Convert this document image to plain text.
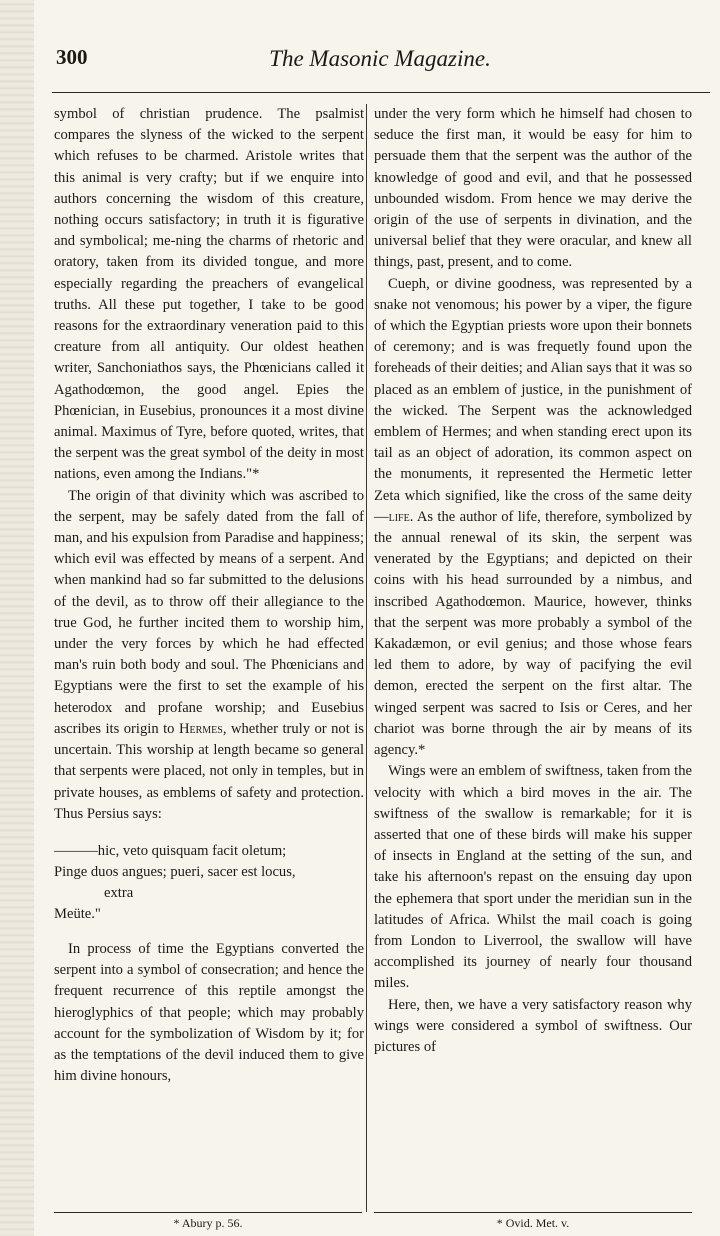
300	The Masonic Magazine.

symbol of christian prudence. The psalmist compares the slyness of the wicked to the serpent which refuses to be charmed. Aristole writes that this animal is very crafty; but if we enquire into authors concerning the wisdom of this creature, nothing occurs satisfactory; in truth it is figurative and symbolical; me-ning the charms of rhetoric and oratory, taken from its divided tongue, and more especially regarding the preachers of evangelical truths. All these put together, I take to be good reasons for the extraordinary veneration paid to this creature from all antiquity. Our oldest heathen writer, Sanchoniathos says, the Phœnicians called it Agathodœmon, the good angel. Epies the Phœnician, in Eusebius, pronounces it a most divine animal. Maximus of Tyre, before quoted, writes, that the serpent was the great symbol of the deity in most nations, even among the Indians."*

The origin of that divinity which was ascribed to the serpent, may be safely dated from the fall of man, and his expulsion from Paradise and happiness; which evil was effected by means of a serpent. And when mankind had so far submitted to the delusions of the devil, as to throw off their allegiance to the true God, he further incited them to worship him, under the very forces by which he had effected man's ruin both body and soul. The Phœnicians and Egyptians were the first to set the example of his heterodox and profane worship; and Eusebius ascribes its origin to Hermes, whether truly or not is uncertain. This worship at length became so general that serpents were placed, not only in temples, but in private houses, as emblems of safety and protection. Thus Persius says:

———hic, veto quisquam facit oletum;
Pinge duos angues; pueri, sacer est locus,
extra
Meüte."

In process of time the Egyptians converted the serpent into a symbol of consecration; and hence the frequent recurrence of this reptile amongst the hieroglyphics of that people; which may probably account for the symbolization of Wisdom by it; for as the temptations of the devil induced them to give him divine honours,

under the very form which he himself had chosen to seduce the first man, it would be easy for him to persuade them that the serpent was the author of the knowledge of good and evil, and that he possessed unbounded wisdom. From hence we may derive the origin of the use of serpents in divination, and the universal belief that they were oracular, and knew all things, past, present, and to come.

Cueph, or divine goodness, was represented by a snake not venomous; his power by a viper, the figure of which the Egyptian priests wore upon their bonnets of ceremony; and is was frequetly found upon the foreheads of their deities; and Alian says that it was so placed as an emblem of justice, in the punishment of the wicked. The Serpent was the acknowledged emblem of Hermes; and when standing erect upon its tail as an object of adoration, its common aspect on the monuments, it represented the Hermetic letter Zeta which signified, like the cross of the same deity—life. As the author of life, therefore, symbolized by the annual renewal of its skin, the serpent was venerated by the Egyptians; and depicted on their coins with his head surrounded by a nimbus, and inscribed Agathodœmon. Maurice, however, thinks that the serpent was more probably a symbol of the Kakadæmon, or evil genius; and those whose fears led them to adore, by way of pacifying the evil demon, erected the serpent on the first altar. The winged serpent was sacred to Isis or Ceres, and her chariot was borne through the air by means of its agency.*

Wings were an emblem of swiftness, taken from the velocity with which a bird moves in the air. The swiftness of the swallow is remarkable; for it is asserted that one of these birds will make his supper of insects in England at the setting of the sun, and take his afternoon's repast on the ensuing day upon the ephemera that sport under the meridian sun in the latitudes of Africa. Whilst the mail coach is going from London to Liverrool, the swallow will have accomplished its journey of nearly four thousand miles.

Here, then, we have a very satisfactory reason why wings were considered a symbol of swiftness. Our pictures of

* Abury p. 56.	* Ovid. Met. v.
